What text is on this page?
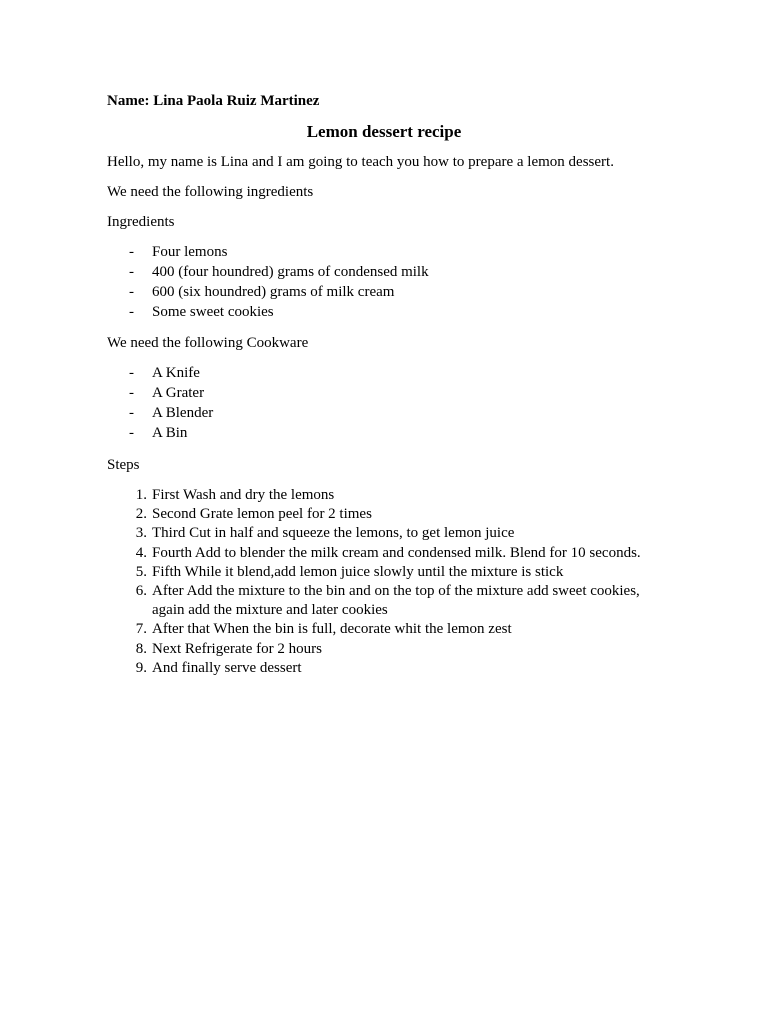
Name: Lina Paola Ruiz Martinez
Lemon dessert recipe
Hello, my name is Lina and I am going to teach you how to prepare a lemon dessert.
We need the following ingredients
Ingredients
- Four lemons
- 400 (four houndred) grams of condensed milk
- 600 (six houndred) grams of milk cream
- Some sweet cookies
We need the following Cookware
- A Knife
- A Grater
- A Blender
- A Bin
Steps
1. First Wash and dry the lemons
2. Second Grate lemon peel for 2 times
3. Third Cut in half and squeeze the lemons, to get lemon juice
4. Fourth Add to blender the milk cream and condensed milk. Blend for 10 seconds.
5. Fifth While it blend,add lemon juice slowly until the mixture is stick
6. After Add the mixture to the bin and on the top of the mixture add sweet cookies,
again add the mixture and later cookies
7. After that When the bin is full, decorate whit the lemon zest
8. Next Refrigerate for 2 hours
9. And finally serve dessert
